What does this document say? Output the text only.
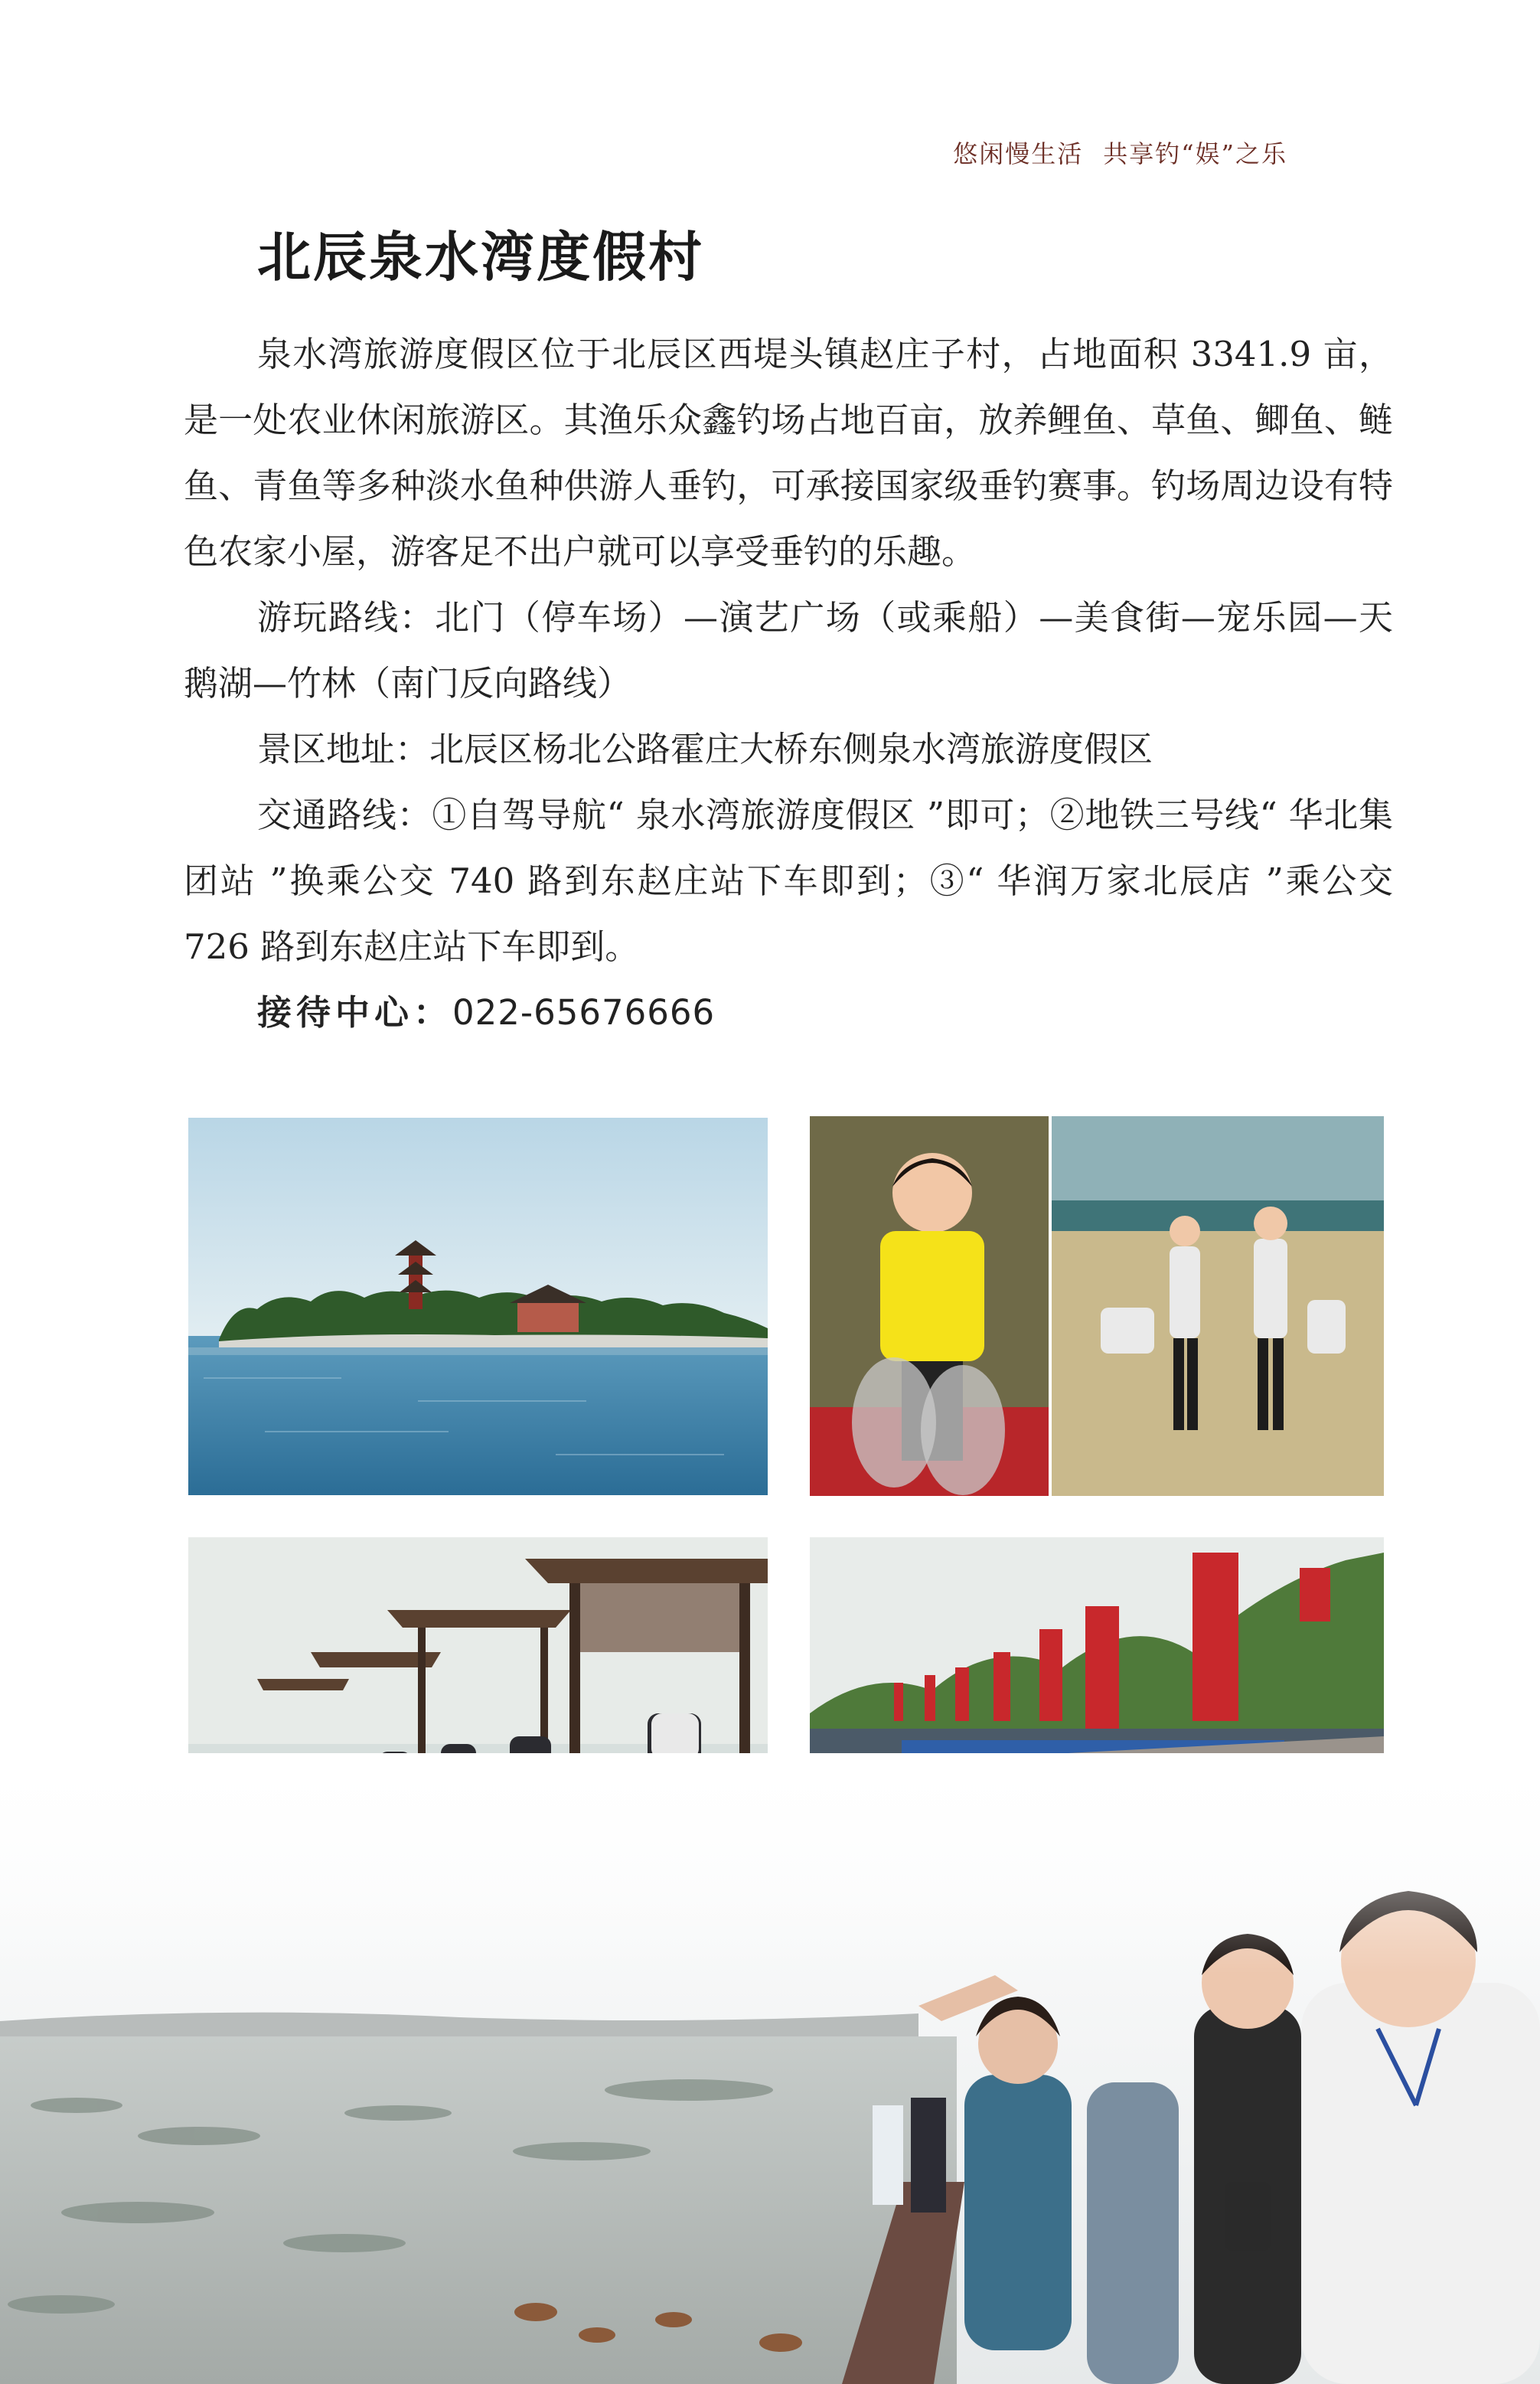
悠闲慢生活 共享钓“娱”之乐
北辰泉水湾度假村

泉水湾旅游度假区位于北辰区西堤头镇赵庄子村，占地面积 3341.9 亩，是一处农业休闲旅游区。其渔乐众鑫钓场占地百亩，放养鲤鱼、草鱼、鲫鱼、鲢鱼、青鱼等多种淡水鱼种供游人垂钓，可承接国家级垂钓赛事。钓场周边设有特色农家小屋，游客足不出户就可以享受垂钓的乐趣。

游玩路线：北门（停车场）—演艺广场（或乘船）—美食街—宠乐园—天鹅湖—竹林（南门反向路线）

景区地址：北辰区杨北公路霍庄大桥东侧泉水湾旅游度假区

交通路线：①自驾导航“ 泉水湾旅游度假区 ”即可；②地铁三号线“ 华北集团站 ”换乘公交 740 路到东赵庄站下车即到；③“ 华润万家北辰店 ”乘公交 726 路到东赵庄站下车即到。

接待中心：022-65676666
